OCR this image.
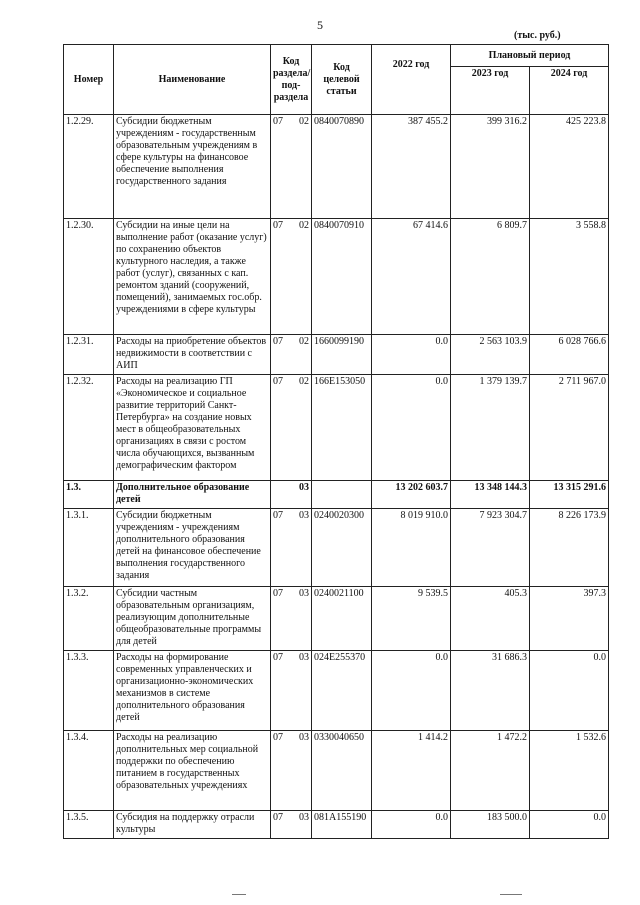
5
(тыс. руб.)
Номер	Наименование	Код раздела/ под- раздела	Код целевой статьи	2022 год	Плановый период	
					2023 год	2024 год
1.2.29.	Субсидии бюджетным учреждениям - государственным образовательным учреждениям в сфере культуры на финансовое обеспечение выполнения государственного задания	07 02	0840070890	387 455.2	399 316.2	425 223.8
1.2.30.	Субсидии на иные цели на выполнение работ (оказание услуг) по сохранению объектов культурного наследия, а также работ (услуг), связанных с кап. ремонтом зданий (сооружений, помещений), занимаемых гос.обр. учреждениями в сфере культуры	07 02	0840070910	67 414.6	6 809.7	3 558.8
1.2.31.	Расходы на приобретение объектов недвижимости в соответствии с АИП	07 02	1660099190	0.0	2 563 103.9	6 028 766.6
1.2.32.	Расходы на реализацию ГП «Экономическое и социальное развитие территорий Санкт-Петербурга» на создание новых мест в общеобразовательных организациях в связи с ростом числа обучающихся, вызванным демографическим фактором	07 02	166E153050	0.0	1 379 139.7	2 711 967.0
1.3.	Дополнительное образование детей	03		13 202 603.7	13 348 144.3	13 315 291.6
1.3.1.	Субсидии бюджетным учреждениям - учреждениям дополнительного образования детей на финансовое обеспечение выполнения государственного задания	07 03	0240020300	8 019 910.0	7 923 304.7	8 226 173.9
1.3.2.	Субсидии частным образовательным организациям, реализующим дополнительные общеобразовательные программы для детей	07 03	0240021100	9 539.5	405.3	397.3
1.3.3.	Расходы на формирование современных управленческих и организационно-экономических механизмов в системе дополнительного образования детей	07 03	024E255370	0.0	31 686.3	0.0
1.3.4.	Расходы на реализацию дополнительных мер социальной поддержки по обеспечению питанием в государственных образовательных учреждениях	07 03	0330040650	1 414.2	1 472.2	1 532.6
1.3.5.	Субсидия на поддержку отрасли культуры	07 03	081A155190	0.0	183 500.0	0.0
